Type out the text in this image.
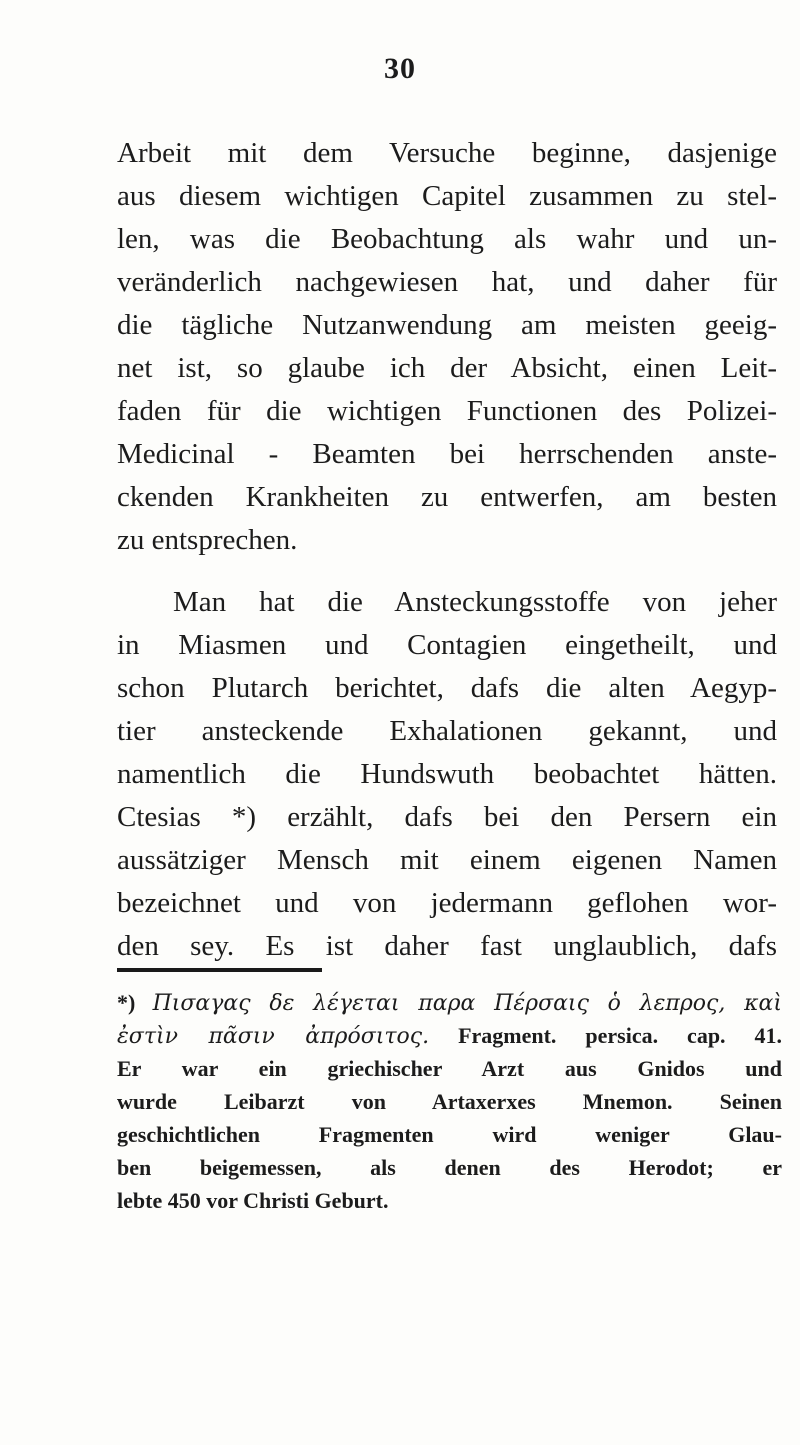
30
Arbeit mit dem Versuche beginne, dasjenige
aus diesem wichtigen Capitel zusammen zu stel-
len, was die Beobachtung als wahr und un-
veränderlich nachgewiesen hat, und daher für
die tägliche Nutzanwendung am meisten geeig-
net ist, so glaube ich der Absicht, einen Leit-
faden für die wichtigen Functionen des Polizei-
Medicinal - Beamten bei herrschenden anste-
ckenden Krankheiten zu entwerfen, am besten
zu entsprechen.
Man hat die Ansteckungsstoffe von jeher
in Miasmen und Contagien eingetheilt, und
schon Plutarch berichtet, dafs die alten Aegyp-
tier ansteckende Exhalationen gekannt, und
namentlich die Hundswuth beobachtet hätten.
Ctesias *) erzählt, dafs bei den Persern ein
aussätziger Mensch mit einem eigenen Namen
bezeichnet und von jedermann geflohen wor-
den sey. Es ist daher fast unglaublich, dafs
*) Πισαγας δε λέγεται παρα Πέρσαις ὁ λεπρος, καὶ
ἐστὶν πᾶσιν ἀπρόσιτος. Fragment. persica. cap. 41.
Er war ein griechischer Arzt aus Gnidos und
wurde Leibarzt von Artaxerxes Mnemon. Seinen
geschichtlichen Fragmenten wird weniger Glau-
ben beigemessen, als denen des Herodot; er
lebte 450 vor Christi Geburt.
